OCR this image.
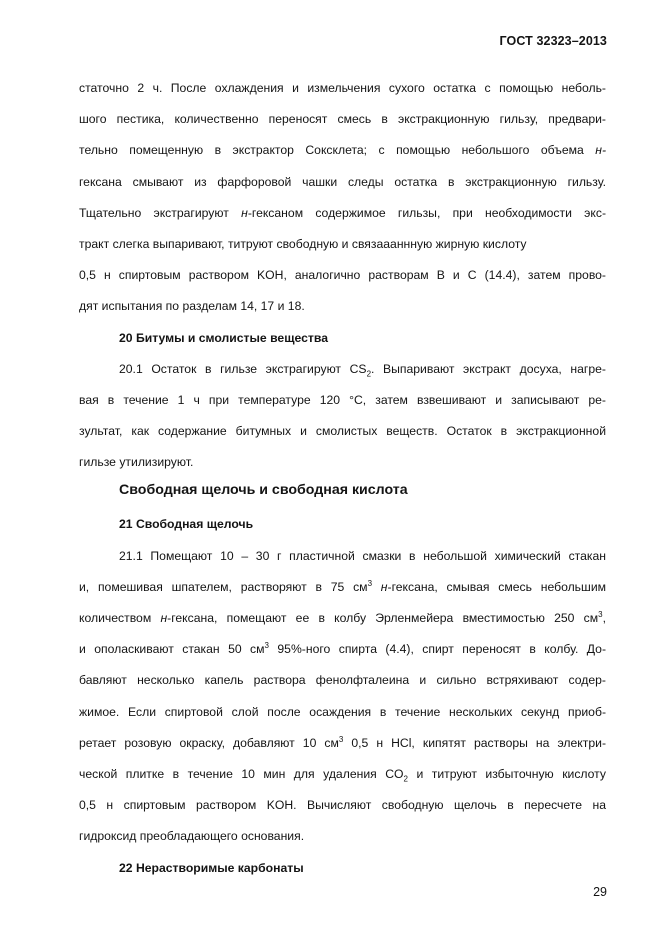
ГОСТ 32323–2013
статочно 2 ч. После охлаждения и измельчения сухого остатка с помощью неболь-
шого пестика, количественно переносят смесь в экстракционную гильзу, предвари-
тельно помещенную в экстрактор Соксклета; с помощью небольшого объема н-
гексана смывают из фарфоровой чашки следы остатка в экстракционную гильзу.
Тщательно экстрагируют н-гексаном содержимое гильзы, при необходимости экс-
тракт слегка выпаривают, титруют свободную и связаааннную жирную кислоту
0,5 н спиртовым раствором KOH, аналогично растворам B и C (14.4), затем прово-
дят испытания по разделам 14, 17 и 18.
20 Битумы и смолистые вещества
20.1 Остаток в гильзе экстрагируют $CS_2$. Выпаривают экстракт досуха, нагре-
вая в течение 1 ч при температуре 120 °С, затем взвешивают и записывают ре-
зультат, как содержание битумных и смолистых веществ. Остаток в экстракционной
гильзе утилизируют.
Свободная щелочь и свободная кислота
21 Свободная щелочь
21.1 Помещают 10 – 30 г пластичной смазки в небольшой химический стакан
и, помешивая шпателем, растворяют в 75 $см^3$ н-гексана, смывая смесь небольшим
количеством н-гексана, помещают ее в колбу Эрленмейера вместимостью 250 $см^3$,
и ополаскивают стакан 50 $см^3$ 95%-ного спирта (4.4), спирт переносят в колбу. До-
бавляют несколько капель раствора фенолфталеина и сильно встряхивают содер-
жимое. Если спиртовой слой после осаждения в течение нескольких секунд приоб-
ретает розовую окраску, добавляют 10 $см^3$ 0,5 н HCl, кипятят растворы на электри-
ческой плитке в течение 10 мин для удаления $CO_2$ и титруют избыточную кислоту
0,5 н спиртовым раствором KOH. Вычисляют свободную щелочь в пересчете на
гидроксид преобладающего основания.
22 Нерастворимые карбонаты
29
